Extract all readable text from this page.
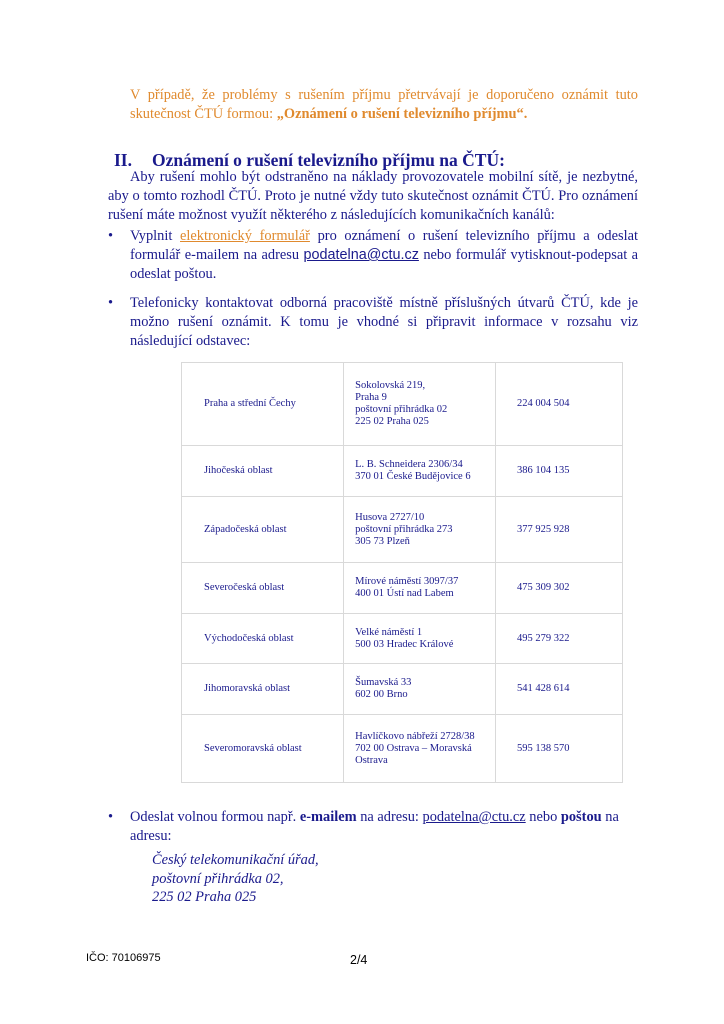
V případě, že problémy s rušením příjmu přetrvávají je doporučeno oznámit tuto skutečnost ČTÚ formou: „Oznámení o rušení televizního příjmu“.

II. Oznámení o rušení televizního příjmu na ČTÚ:

Aby rušení mohlo být odstraněno na náklady provozovatele mobilní sítě, je nezbytné, aby o tomto rozhodl ČTÚ. Proto je nutné vždy tuto skutečnost oznámit ČTÚ. Pro oznámení rušení máte možnost využít některého z následujících komunikačních kanálů:

•	Vyplnit elektronický formulář pro oznámení o rušení televizního příjmu a odeslat formulář e-mailem na adresu podatelna@ctu.cz nebo formulář vytisknout-podepsat a odeslat poštou.

•	Telefonicky kontaktovat odborná pracoviště místně příslušných útvarů ČTÚ, kde je možno rušení oznámit. K tomu je vhodné si připravit informace v rozsahu viz následující odstavec:

Praha a střední Čechy	Sokolovská 219,
Praha 9
poštovní přihrádka 02
225 02 Praha 025	224 004 504
Jihočeská oblast	L. B. Schneidera 2306/34
370 01 České Budějovice 6	386 104 135
Západočeská oblast	Husova 2727/10
poštovní přihrádka 273
305 73 Plzeň	377 925 928
Severočeská oblast	Mírové náměstí 3097/37
400 01 Ústí nad Labem	475 309 302
Východočeská oblast	Velké náměstí 1
500 03 Hradec Králové	495 279 322
Jihomoravská oblast	Šumavská 33
602 00 Brno	541 428 614
Severomoravská oblast	Havlíčkovo nábřeží 2728/38
702 00 Ostrava – Moravská Ostrava	595 138 570
•	Odeslat volnou formou např. e-mailem na adresu: podatelna@ctu.cz nebo poštou na adresu:

Český telekomunikační úřad,
poštovní přihrádka 02,
225 02 Praha 025
IČO: 70106975	2/4
